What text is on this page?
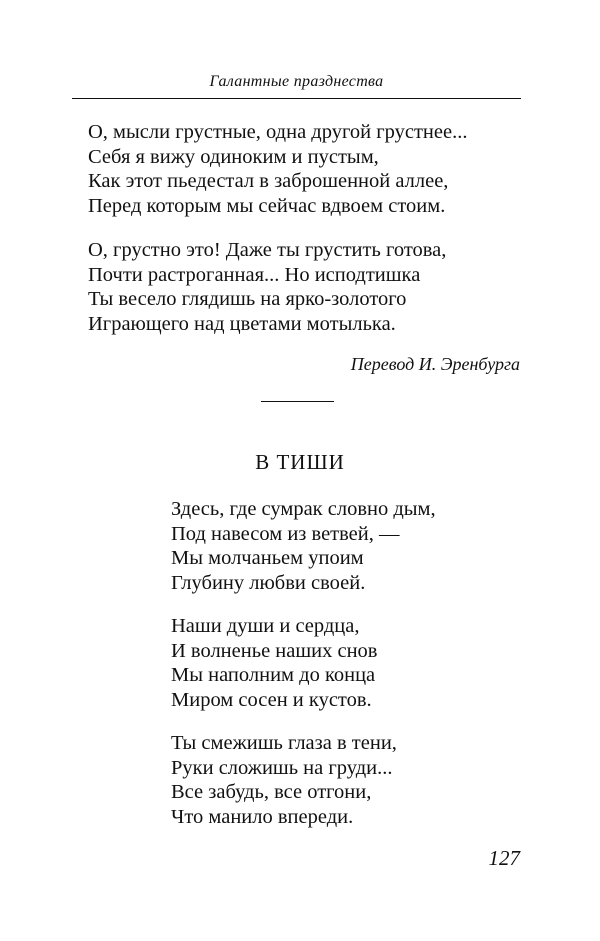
Галантные празднества
О, мысли грустные, одна другой грустнее...
Себя я вижу одиноким и пустым,
Как этот пьедестал в заброшенной аллее,
Перед которым мы сейчас вдвоем стоим.
О, грустно это! Даже ты грустить готова,
Почти растроганная... Но исподтишка
Ты весело глядишь на ярко-золотого
Играющего над цветами мотылька.
Перевод И. Эренбурга
В ТИШИ
Здесь, где сумрак словно дым,
Под навесом из ветвей, —
Мы молчаньем упоим
Глубину любви своей.
Наши души и сердца,
И волненье наших снов
Мы наполним до конца
Миром сосен и кустов.
Ты смежишь глаза в тени,
Руки сложишь на груди...
Все забудь, все отгони,
Что манило впереди.
127
